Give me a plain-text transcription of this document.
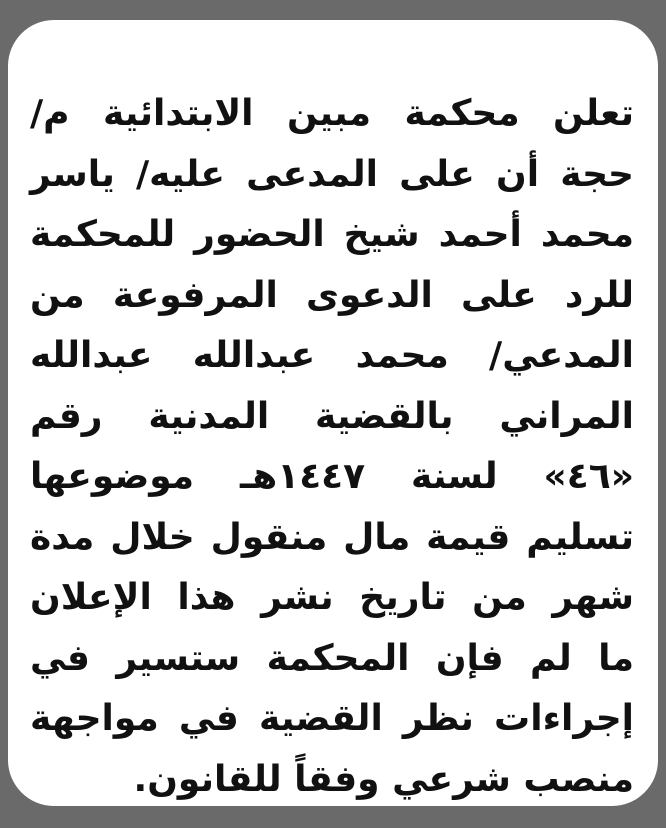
تعلن محكمة مبين الابتدائية م/
حجة أن على المدعى عليه/ ياسر
محمد أحمد شيخ الحضور للمحكمة
للرد على الدعوى المرفوعة من
المدعي/ محمد عبدالله عبدالله
المراني بالقضية المدنية رقم
«٤٦» لسنة ١٤٤٧هـ موضوعها
تسليم قيمة مال منقول خلال مدة
شهر من تاريخ نشر هذا الإعلان
ما لم فإن المحكمة ستسير في
إجراءات نظر القضية في مواجهة
منصب شرعي وفقاً للقانون.
